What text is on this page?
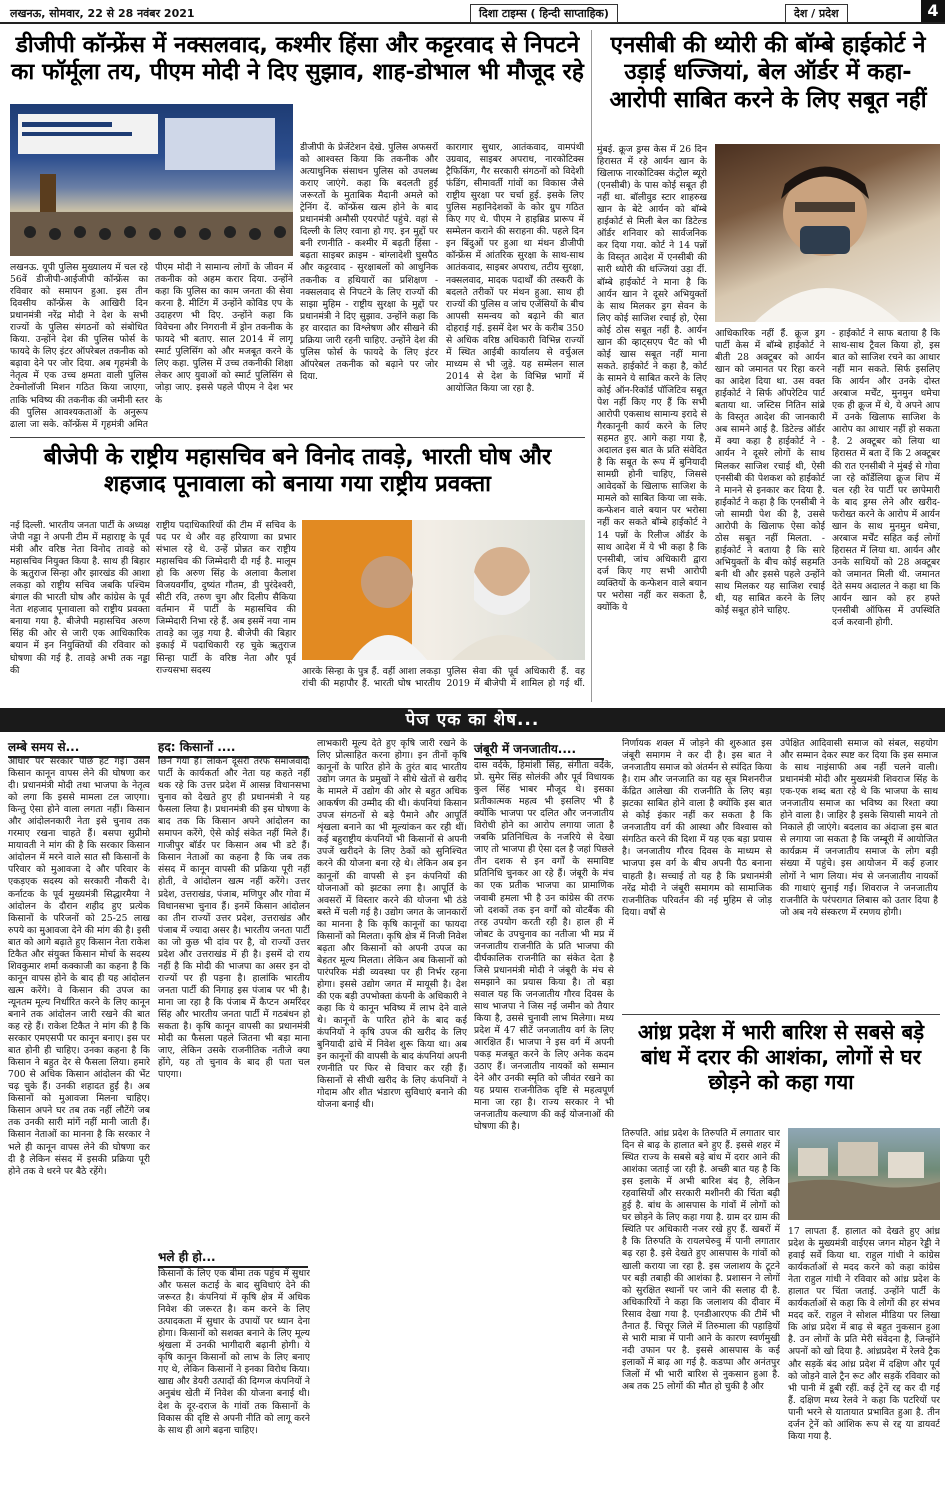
लखनऊ, सोमवार, 22 से 28 नवंबर 2021	दिशा टाइम्स ( हिन्दी साप्ताहिक)	देश / प्रदेश	4
डीजीपी कॉन्फ्रेंस में नक्सलवाद, कश्मीर हिंसा और कट्टरवाद से निपटने का फॉर्मूला तय, पीएम मोदी ने दिए सुझाव, शाह-डोभाल भी मौजूद रहे
लखनऊ. यूपी पुलिस मुख्यालय में चल रहे 56वें डीजीपी-आईजीपी कॉन्फ्रेंस का रविवार को समापन हुआ. इस तीन दिवसीय कॉन्फ्रेंस के आखिरी दिन प्रधानमंत्री नरेंद्र मोदी ने देश के सभी राज्यों के पुलिस संगठनों को संबोधित किया. उन्होंने देश की पुलिस फोर्स के फायदे के लिए इंटर ऑपरेबल तकनीक को बढ़ावा देने पर जोर दिया. अब गृहमंत्री के नेतृत्व में एक उच्च क्षमता वाली पुलिस टेक्नोलॉजी मिशन गठित किया जाएगा, ताकि भविष्य की तकनीक की जमीनी स्तर की पुलिस आवश्यकताओं के अनुरूप ढाला जा सके. कॉन्फ्रेंस में गृहमंत्री अमित
पीएम मोदी ने सामान्य लोगों के जीवन में तकनीक को अहम करार दिया. उन्होंने कहा कि पुलिस का काम जनता की सेवा करना है. मीटिंग में उन्होंने कोविड एप के उदाहरण भी दिए. उन्होंने कहा कि विवेचना और निगरानी में ड्रोन तकनीक के फायदे भी बताए. साल 2014 में लागू स्मार्ट पुलिसिंग को और मजबूत करने के लिए कहा. पुलिस में उच्च तकनीकी शिक्षा लेकर आए युवाओं को स्मार्ट पुलिसिंग से जोड़ा जाए. इससे पहले पीएम ने देश भर के
डीजीपी के प्रेजेंटेशन देखे. पुलिस अफसरों को आश्वस्त किया कि तकनीक और अत्याधुनिक संसाधन पुलिस को उपलब्ध कराए जाएंगे. कहा कि बदलती हुई जरूरतों के मुताबिक मैदानी अमले को ट्रेनिंग दें. कॉन्फ्रेंस खत्म होने के बाद प्रधानमंत्री अमौसी एयरपोर्ट पहुंचे. वहां से दिल्ली के लिए रवाना हो गए. इन मुद्दों पर बनी रणनीति - कश्मीर में बढ़ती हिंसा - बढ़ता साइबर क्राइम - बांग्लादेशी घुसपैठ और कट्टरवाद - सुरक्षाबलों को आधुनिक तकनीक व हथियारों का प्रशिक्षण - नक्सलवाद से निपटने के लिए राज्यों की साझा मुहिम - राष्ट्रीय सुरक्षा के मुद्दों पर प्रधानमंत्री ने दिए सुझाव. उन्होंने कहा कि हर वारदात का विश्लेषण और सीखने की प्रक्रिया जारी रहनी चाहिए. उन्होंने देश की पुलिस फोर्स के फायदे के लिए इंटर ऑपरेबल तकनीक को बढ़ाने पर जोर दिया.
कारागार सुधार, आतंकवाद, वामपंथी उग्रवाद, साइबर अपराध, नारकोटिक्स ट्रैफिकिंग, गैर सरकारी संगठनों को विदेशी फंडिंग, सीमावर्ती गांवों का विकास जैसे राष्ट्रीय सुरक्षा पर चर्चा हुई. इसके लिए पुलिस महानिदेशकों के कोर ग्रुप गठित किए गए थे. पीएम ने हाइब्रिड प्रारूप में सम्मेलन कराने की सराहना की. पहले दिन इन बिंदुओं पर हुआ था मंथन डीजीपी कॉन्फ्रेंस में आंतरिक सुरक्षा के साथ-साथ आतंकवाद, साइबर अपराध, तटीय सुरक्षा, नक्सलवाद, मादक पदार्थों की तस्करी के बदलते तरीकों पर मंथन हुआ. साथ ही राज्यों की पुलिस व जांच एजेंसियों के बीच आपसी समन्वय को बढ़ाने की बात दोहराई गई. इसमें देश भर के करीब 350 से अधिक वरिष्ठ अधिकारी विभिन्न राज्यों में स्थित आईबी कार्यालय से वर्चुअल माध्यम से भी जुड़े. यह सम्मेलन साल 2014 से देश के विभिन्न भागों में आयोजित किया जा रहा है.
एनसीबी की थ्योरी की बॉम्बे हाईकोर्ट ने उड़ाई धज्जियां, बेल ऑर्डर में कहा-आरोपी साबित करने के लिए सबूत नहीं
मुंबई. क्रूज ड्रग्स केस में 26 दिन हिरासत में रहे आर्यन खान के खिलाफ नारकोटिक्स कंट्रोल ब्यूरो (एनसीबी) के पास कोई सबूत ही नहीं था. बॉलीवुड स्टार शाहरुख खान के बेटे आर्यन को बॉम्बे हाईकोर्ट से मिली बेल का डिटेल्ड ऑर्डर शनिवार को सार्वजनिक कर दिया गया. कोर्ट ने 14 पन्नों के विस्तृत आदेश में एनसीबी की सारी थ्योरी की धज्जियां उड़ा दीं. बॉम्बे हाईकोर्ट ने माना है कि आर्यन खान ने दूसरे अभियुक्तों के साथ मिलकर ड्रग सेवन के लिए कोई साजिश रचाई हो, ऐसा कोई ठोस सबूत नहीं है. आर्यन खान की व्हाट्सएप चैट को भी कोई खास सबूत नहीं माना सकते. हाईकोर्ट ने कहा है, कोर्ट के सामने ये साबित करने के लिए कोई ऑन-रिकॉर्ड पॉजिटिव सबूत पेश नहीं किए गए हैं कि सभी आरोपी एकसाथ सामान्य इरादे से गैरकानूनी कार्य करने के लिए सहमत हुए. आगे कहा गया है, अदालत इस बात के प्रति संवेदित है कि सबूत के रूप में बुनियादी सामग्री होनी चाहिए, जिससे आवेदकों के खिलाफ साजिश के मामले को साबित किया जा सके. कन्फेशन वाले बयान पर भरोसा नहीं कर सकते बॉम्बे हाईकोर्ट ने 14 पन्नों के रिलीज ऑर्डर के साथ आदेश में ये भी कहा है कि एनसीबी, जांच अधिकारी द्वारा दर्ज किए गए सभी आरोपी व्यक्तियों के कन्फेशन वाले बयान पर भरोसा नहीं कर सकता है, क्योंकि ये
आधिकारिक नहीं हैं. क्रूज ड्रग पार्टी केस में बॉम्बे हाईकोर्ट ने बीती 28 अक्टूबर को आर्यन खान को जमानत पर रिहा करने का आदेश दिया था. उस वक्त हाईकोर्ट ने सिर्फ ऑपरेटिव पार्ट बताया था. जस्टिस नितिन सांब्रे के विस्तृत आदेश की जानकारी अब सामने आई है. डिटेल्ड ऑर्डर में क्या कहा है हाईकोर्ट ने - आर्यन ने दूसरे लोगों के साथ मिलकर साजिश रचाई थी, ऐसी एनसीबी की पेशकश को हाईकोर्ट ने मानने से इनकार कर दिया है. हाईकोर्ट ने कहा है कि एनसीबी ने जो सामग्री पेश की है, उससे आरोपी के खिलाफ ऐसा कोई ठोस सबूत नहीं मिलता. - हाईकोर्ट ने बताया है कि सारे अभियुक्तों के बीच कोई सहमति बनी थी और इससे पहले उन्होंने साथ मिलकर यह साजिश रचाई थी, यह साबित करने के लिए कोई सबूत होने चाहिए.
- हाईकोर्ट ने साफ बताया है कि साथ-साथ ट्रैवल किया हो, इस बात को साजिश रचने का आधार नहीं मान सकते. सिर्फ इसलिए कि आर्यन और उनके दोस्त अरबाज मर्चेंट, मुनमुन धमेचा एक ही क्रूज में थे, ये अपने आप में उनके खिलाफ साजिश के आरोप का आधार नहीं हो सकता है. 2 अक्टूबर को लिया था हिरासत में बता दें कि 2 अक्टूबर की रात एनसीबी ने मुंबई से गोवा जा रहे कॉर्डेलिया क्रूज शिप में चल रही रेव पार्टी पर छापेमारी के बाद ड्रग्स लेने और खरीद-फरोख्त करने के आरोप में आर्यन खान के साथ मुनमुन धमेचा, अरबाज मर्चेंट सहित कई लोगों हिरासत में लिया था. आर्यन और उनके साथियों को 28 अक्टूबर को जमानत मिली थी. जमानत देते समय अदालत ने कहा था कि आर्यन खान को हर हफ्ते एनसीबी ऑफिस में उपस्थिति दर्ज करवानी होगी.
बीजेपी के राष्ट्रीय महासचिव बने विनोद तावड़े, भारती घोष और शहजाद पूनावाला को बनाया गया राष्ट्रीय प्रवक्ता
नई दिल्ली. भारतीय जनता पार्टी के अध्यक्ष जेपी नड्डा ने अपनी टीम में महाराष्ट्र के पूर्व मंत्री और वरिष्ठ नेता विनोद तावड़े को महासचिव नियुक्त किया है. साथ ही बिहार के ऋतुराज सिन्हा और झारखंड की आशा लकड़ा को राष्ट्रीय सचिव जबकि पश्चिम बंगाल की भारती घोष और कांग्रेस के पूर्व नेता शहजाद पूनावाला को राष्ट्रीय प्रवक्ता बनाया गया है. बीजेपी महासचिव अरुण सिंह की ओर से जारी एक आधिकारिक बयान में इन नियुक्तियों की रविवार को घोषणा की गई है. तावड़े अभी तक नड्डा की
राष्ट्रीय पदाधिकारियों की टीम में सचिव के पद पर थे और वह हरियाणा का प्रभार संभाल रहे थे. उन्हें प्रोन्नत कर राष्ट्रीय महासचिव की जिम्मेदारी दी गई है. मालूम हो कि अरुण सिंह के अलावा कैलाश विजयवर्गीय, दुष्यंत गौतम, डी पुरंदेश्वरी, सीटी रवि, तरुण चुग और दिलीप सैकिया वर्तमान में पार्टी के महासचिव की जिम्मेदारी निभा रहे हैं. अब इसमें नया नाम तावड़े का जुड़ गया है. बीजेपी की बिहार इकाई में पदाधिकारी रह चुके ऋतुराज सिन्हा पार्टी के वरिष्ठ नेता और पूर्व राज्यसभा सदस्य	आरके सिन्हा के पुत्र हैं. वहीं आशा लकड़ा रांची की महापौर हैं. भारती घोष भारतीय पुलिस सेवा की पूर्व अधिकारी हैं. वह 2019 में बीजेपी में शामिल हो गई थीं.
पेज एक का शेष...
लम्बे समय से...
आधार पर सरकार पीछे हट गई। उसने किसान कानून वापस लेने की घोषणा कर दी। प्रधानमंत्री मोदी तथा भाजपा के नेतृत्व को लगा कि इससे मामला टल जाएगा। किन्तु ऐसा होने वाला लगता नहीं। किसान और आंदोलनकारी नेता इसे चुनाव तक गरमाए रखना चाहते हैं। बसपा सुप्रीमो मायावती ने मांग की है कि सरकार किसान आंदोलन में मरने वाले सात सौ किसानों के परिवार को मुआवजा दे और परिवार के एकड़एक सदस्य को सरकारी नौकरी दे। कर्नाटक के पूर्व मुख्यमंत्री सिद्धारमैया ने आंदोलन के दौरान शहीद हुए प्रत्येक किसानों के परिजनों को 25-25 लाख रुपये का मुआवजा देने की मांग की है। इसी बात को आगे बढ़ाते हुए किसान नेता राकेश टिकैत और संयुक्त किसान मोर्चा के सदस्य शिवकुमार शर्मा कक्काजी का कहना है कि कानून वापस होने के बाद ही यह आंदोलन खत्म करेंगे। वे किसान की उपज का न्यूनतम मूल्य निर्धारित करने के लिए कानून बनाने तक आंदोलन जारी रखने की बात कह रहे हैं। राकेश टिकैत ने मांग की है कि सरकार एमएसपी पर कानून बनाए। इस पर बात होनी ही चाहिए। उनका कहना है कि किसान ने बहुत देर से फैसला लिया। हमारे 700 से अधिक किसान आंदोलन की भेंट चढ़ चुके हैं। उनकी शहादत हुई है। अब किसानों को मुआवजा मिलना चाहिए। किसान अपने घर तब तक नहीं लौटेंगे जब तक उनकी सारी मांगें नहीं मानी जाती हैं। किसान नेताओं का मानना है कि सरकार ने भले ही कानून वापस लेने की घोषणा कर दी है लेकिन संसद में इसकी प्रक्रिया पूरी होने तक वे धरने पर बैठे रहेंगे।
हद: किसानों ....
छिन गया है। लेकिन दूसरी तरफ समाजवादी पार्टी के कार्यकर्ता और नेता यह कहते नहीं थक रहे कि उत्तर प्रदेश में आसन्न विधानसभा चुनाव को देखते हुए ही प्रधानमंत्री ने यह फैसला लिया है। प्रधानमंत्री की इस घोषणा के बाद तक कि किसान अपने आंदोलन का समापन करेंगे, ऐसे कोई संकेत नहीं मिले हैं। गाजीपुर बॉर्डर पर किसान अब भी डटे हैं। किसान नेताओं का कहना है कि जब तक संसद में कानून वापसी की प्रक्रिया पूरी नहीं होती, वे आंदोलन खत्म नहीं करेंगे। उत्तर प्रदेश, उत्तराखंड, पंजाब, मणिपुर और गोवा में विधानसभा चुनाव हैं। इनमें किसान आंदोलन का तीन राज्यों उत्तर प्रदेश, उत्तराखंड और पंजाब में ज्यादा असर है। भारतीय जनता पार्टी का जो कुछ भी दांव पर है, वो राज्यों उत्तर प्रदेश और उत्तराखंड में ही है। इसमें दो राय नहीं है कि मोदी की भाजपा का असर इन दो राज्यों पर ही पड़ना है। हालांकि भारतीय जनता पार्टी की निगाह इस पंजाब पर भी है। माना जा रहा है कि पंजाब में कैप्टन अमरिंदर सिंह और भारतीय जनता पार्टी में गठबंधन हो सकता है। कृषि कानून वापसी का प्रधानमंत्री मोदी का फैसला पहले जितना भी बड़ा माना जाए, लेकिन उसके राजनीतिक नतीजे क्या होंगे, यह तो चुनाव के बाद ही पता चल पाएगा।
भले ही हो...
किसानों के लिए एक बीमा तक पहुंच में सुधार और फसल कटाई के बाद सुविधाएं देने की जरूरत है। कंपनियां में कृषि क्षेत्र में अधिक निवेश की जरूरत है। कम करने के लिए उत्पादकता में सुधार के उपायों पर ध्यान देना होगा। किसानों को सशक्त बनाने के लिए मूल्य श्रृंखला में उनकी भागीदारी बढ़ानी होगी। ये कृषि कानून किसानों को लाभ के लिए बनाए गए थे, लेकिन किसानों ने इनका विरोध किया। खाद्य और डेयरी उत्पादों की दिग्गज कंपनियों ने अनुबंध खेती में निवेश की योजना बनाई थी। देश के दूर-दराज के गांवों तक किसानों के विकास की दृष्टि से अपनी नीति को लागू करने के साथ ही आगे बढ़ना चाहिए।
लाभकारी मूल्य देते हुए कृषि जारी रखने के लिए प्रोत्साहित करना होगा। इन तीनों कृषि कानूनों के पारित होने के तुरंत बाद भारतीय उद्योग जगत के प्रमुखों ने सीधे खेतों से खरीद के मामले में उद्योग की ओर से बहुत अधिक आकर्षण की उम्मीद की थी। कंपनियां किसान उपज संगठनों से बड़े पैमाने और आपूर्ति शृंखला बनाने का भी मूल्यांकन कर रही थीं। कई बहुराष्ट्रीय कंपनियों भी किसानों से अपनी उपजें खरीदने के लिए ठेकों को सुनिश्चित करने की योजना बना रहे थे। लेकिन अब इन कानूनों की वापसी से इन कंपनियों की योजनाओं को झटका लगा है। आपूर्ति के अवसरों में विस्तार करने की योजना भी ठंडे बस्ते में चली गई है। उद्योग जगत के जानकारों का मानना है कि कृषि कानूनों का फायदा किसानों को मिलता। कृषि क्षेत्र में निजी निवेश बढ़ता और किसानों को अपनी उपज का बेहतर मूल्य मिलता। लेकिन अब किसानों को पारंपरिक मंडी व्यवस्था पर ही निर्भर रहना होगा। इससे उद्योग जगत में मायूसी है। देश की एक बड़ी उपभोक्ता कंपनी के अधिकारी ने कहा कि ये कानून भविष्य में लाभ देने वाले थे। कानूनों के पारित होने के बाद कई कंपनियों ने कृषि उपज की खरीद के लिए बुनियादी ढांचे में निवेश शुरू किया था। अब इन कानूनों की वापसी के बाद कंपनियां अपनी रणनीति पर फिर से विचार कर रही हैं। किसानों से सीधी खरीद के लिए कंपनियों ने गोदाम और शीत भंडारण सुविधाएं बनाने की योजना बनाई थी।
जंबूरी में जनजातीय....
दास वर्दके, हिमांशी सिंह, संगीता वर्दके, प्रो. सुमेर सिंह सोलंकी और पूर्व विधायक कुल सिंह भाबर मौजूद थे। इसका प्रतीकात्मक महत्व भी इसलिए भी है क्योंकि भाजपा पर दलित और जनजातीय विरोधी होने का आरोप लगाया जाता है जबकि प्रतिनिधित्व के नजरिये से देखा जाए तो भाजपा ही ऐसा दल है जहां पिछले तीन दशक से इन वर्गों के समाविष्ट प्रतिनिधि चुनकर आ रहे हैं। जंबूरी के मंच का एक प्रतीक भाजपा का प्रामाणिक जवाबी हमला भी है उन कांग्रेस की तरफ जो दशकों तक इन वर्गों को वोटबैंक की तरह उपयोग करती रही है। हाल ही में जोबट के उपचुनाव का नतीजा भी मप्र में जनजातीय राजनीति के प्रति भाजपा की दीर्घकालिक राजनीति का संकेत देता है जिसे प्रधानमंत्री मोदी ने जंबूरी के मंच से समझाने का प्रयास किया है। तो बड़ा सवाल यह कि जनजातीय गौरव दिवस के साथ भाजपा ने जिस नई जमीन को तैयार किया है, उससे चुनावी लाभ मिलेगा। मध्य प्रदेश में 47 सीटें जनजातीय वर्ग के लिए आरक्षित हैं। भाजपा ने इस वर्ग में अपनी पकड़ मजबूत करने के लिए अनेक कदम उठाए हैं। जनजातीय नायकों को सम्मान देने और उनकी स्मृति को जीवंत रखने का यह प्रयास राजनीतिक दृष्टि से महत्वपूर्ण माना जा रहा है। राज्य सरकार ने भी जनजातीय कल्याण की कई योजनाओं की घोषणा की है।
निर्णायक शक्ल में जोड़ने की शुरुआत इस जंबूरी समागम ने कर दी है। इस बात ने जनजातीय समाज को अंतर्मन से स्पंदित किया है। राम और जनजाति का यह सूत्र मिशनरीज केंद्रित आलेखा की राजनीति के लिए बड़ा झटका साबित होने वाला है क्योंकि इस बात से कोई इंकार नहीं कर सकता है कि जनजातीय वर्ग की आस्था और विश्वास को संगठित करने की दिशा में यह एक बड़ा प्रयास है। जनजातीय गौरव दिवस के माध्यम से भाजपा इस वर्ग के बीच अपनी पैठ बनाना चाहती है। सच्चाई तो यह है कि प्रधानमंत्री नरेंद्र मोदी ने जंबूरी समागम को सामाजिक राजनीतिक परिवर्तन की नई मुहिम से जोड़ दिया। वर्षों से
उपेक्षित आदिवासी समाज को संबल, सहयोग और सम्मान देकर स्पष्ट कर दिया कि इस समाज के साथ नाइंसाफी अब नहीं चलने वाली। प्रधानमंत्री मोदी और मुख्यमंत्री शिवराज सिंह के एक-एक शब्द बता रहे थे कि भाजपा के साथ जनजातीय समाज का भविष्य का रिश्ता क्या होने वाला है। जाहिर है इसके सियासी मायने तो निकाले ही जाएंगे। बदलाव का अंदाजा इस बात से लगाया जा सकता है कि जम्बूरी में आयोजित कार्यक्रम में जनजातीय समाज के लोग बड़ी संख्या में पहुंचे। इस आयोजन में कई हजार लोगों ने भाग लिया। मंच से जनजातीय नायकों की गाथाएं सुनाई गईं। शिवराज ने जनजातीय राजनीति के परंपरागत लिबास को उतार दिया है जो अब नये संस्करण में रमणय होगी।
आंध्र प्रदेश में भारी बारिश से सबसे बड़े बांध में दरार की आशंका, लोगों से घर छोड़ने को कहा गया
तिरुपति. आंध्र प्रदेश के तिरुपति में लगातार चार दिन से बाढ़ के हालात बने हुए हैं. इससे शहर में स्थित राज्य के सबसे बड़े बांध में दरार आने की आशंका जताई जा रही है. अच्छी बात यह है कि इस इलाके में अभी बारिश बंद है, लेकिन रहवासियों और सरकारी मशीनरी की चिंता बढ़ी हुई है. बांध के आसपास के गांवों में लोगों को घर छोड़ने के लिए कहा गया है. ग्राम दर ग्राम की स्थिति पर अधिकारी नजर रखे हुए हैं. खबरों में है कि तिरुपति के रायलचेरुवु में पानी लगातार बढ़ रहा है. इसे देखते हुए आसपास के गांवों को खाली कराया जा रहा है. इस जलाशय के टूटने पर बड़ी तबाही की आशंका है. प्रशासन ने लोगों को सुरक्षित स्थानों पर जाने की सलाह दी है. अधिकारियों ने कहा कि जलाशय की दीवार में रिसाव देखा गया है. एनडीआरएफ की टीमें भी तैनात हैं. चित्तूर जिले में तिरुमाला की पहाड़ियों से भारी मात्रा में पानी आने के कारण स्वर्णमुखी नदी उफान पर है. इससे आसपास के कई इलाकों में बाढ़ आ गई है. कडप्पा और अनंतपुर जिलों में भी भारी बारिश से नुकसान हुआ है. अब तक 25 लोगों की मौत हो चुकी है और
17 लापता हैं. हालात को देखते हुए आंध्र प्रदेश के मुख्यमंत्री वाईएस जगन मोहन रेड्डी ने हवाई सर्वे किया था. राहुल गांधी ने कांग्रेस कार्यकर्ताओं से मदद करने को कहा कांग्रेस नेता राहुल गांधी ने रविवार को आंध्र प्रदेश के हालात पर चिंता जताई. उन्होंने पार्टी के कार्यकर्ताओं से कहा कि वे लोगों की हर संभव मदद करें. राहुल ने सोशल मीडिया पर लिखा कि आंध्र प्रदेश में बाढ़ से बहुत नुकसान हुआ है. उन लोगों के प्रति मेरी संवेदना है, जिन्होंने अपनों को खो दिया है. आंध्रप्रदेश में रेलवे ट्रैक और सड़कें बंद आंध्र प्रदेश में दक्षिण और पूर्व को जोड़ने वाले ट्रैन रूट और सड़कें रविवार को भी पानी में डूबी रहीं. कई ट्रेनें रद्द कर दी गई हैं. दक्षिण मध्य रेलवे ने कहा कि पटरियों पर पानी भरने से यातायात प्रभावित हुआ है. तीन दर्जन ट्रेनें को आंशिक रूप से रद्द या डायवर्ट किया गया है.
